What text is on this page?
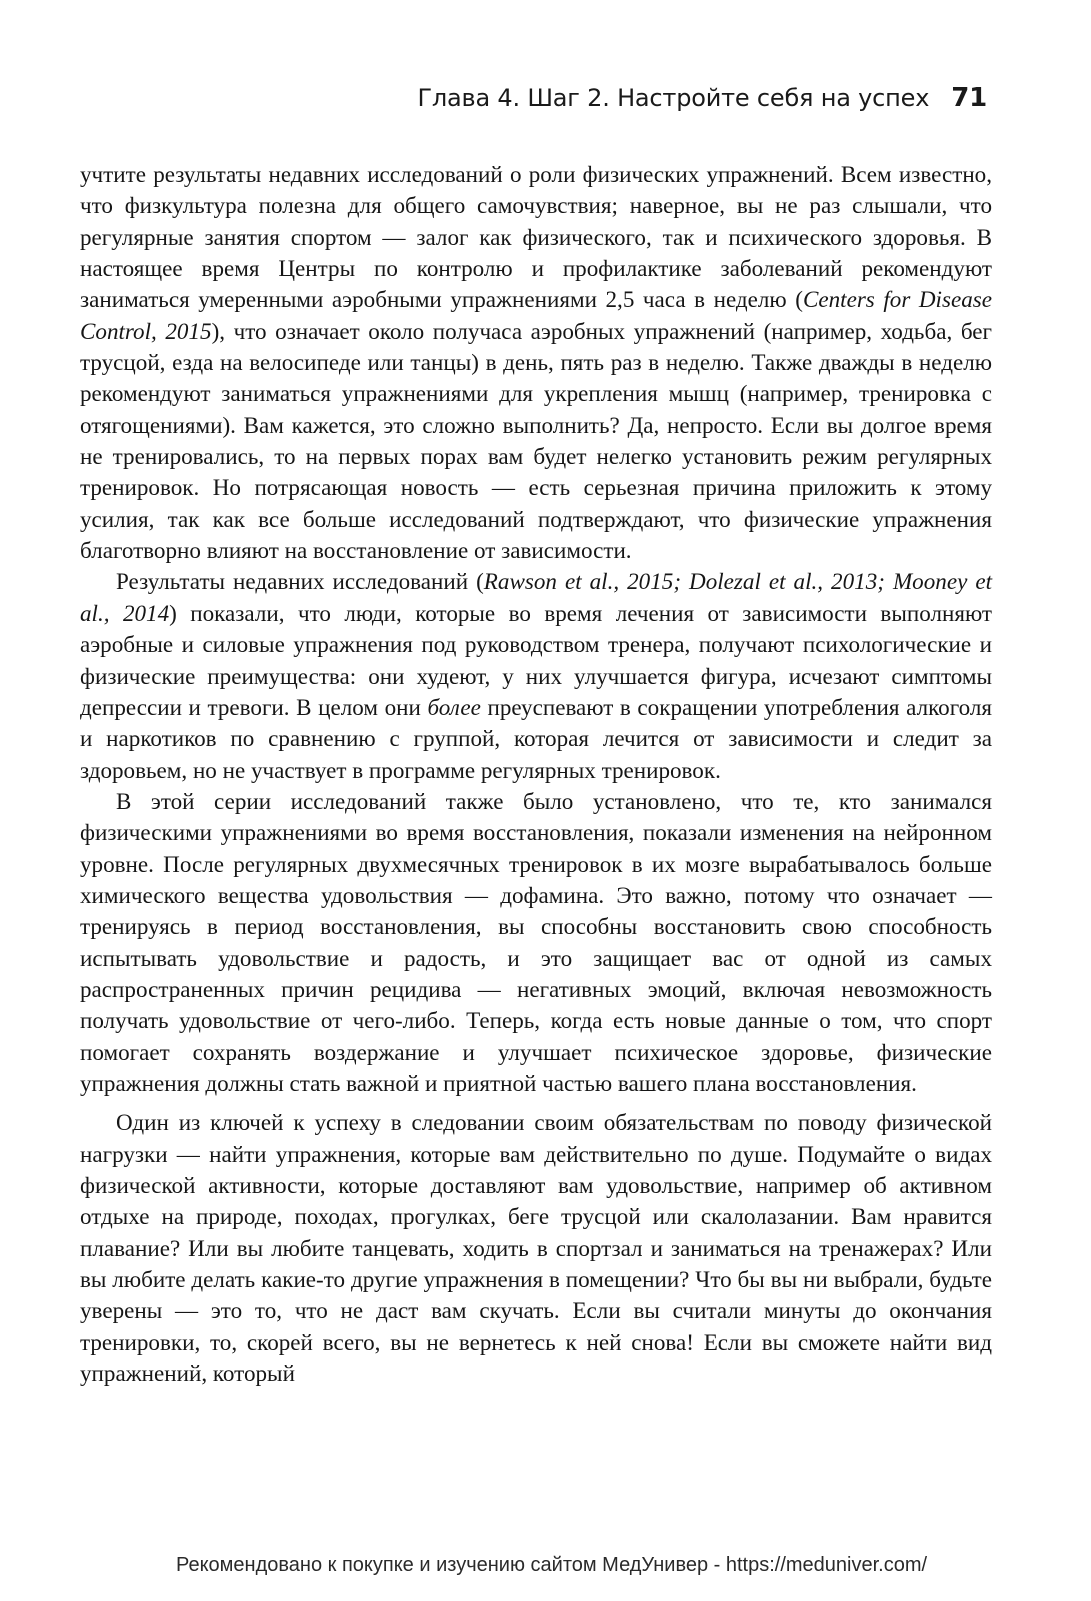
Глава 4. Шаг 2. Настройте себя на успех 71

учтите результаты недавних исследований о роли физических упражнений. Всем известно, что физкультура полезна для общего самочувствия; наверное, вы не раз слышали, что регулярные занятия спортом — залог как физического, так и психического здоровья. В настоящее время Центры по контролю и профилактике заболеваний рекомендуют заниматься умеренными аэробными упражнениями 2,5 часа в неделю (Centers for Disease Control, 2015), что означает около получаса аэробных упражнений (например, ходьба, бег трусцой, езда на велосипеде или танцы) в день, пять раз в неделю. Также дважды в неделю рекомендуют заниматься упражнениями для укрепления мышц (например, тренировка с отягощениями). Вам кажется, это сложно выполнить? Да, непросто. Если вы долгое время не тренировались, то на первых порах вам будет нелегко установить режим регулярных тренировок. Но потрясающая новость — есть серьезная причина приложить к этому усилия, так как все больше исследований подтверждают, что физические упражнения благотворно влияют на восстановление от зависимости.

Результаты недавних исследований (Rawson et al., 2015; Dolezal et al., 2013; Mooney et al., 2014) показали, что люди, которые во время лечения от зависимости выполняют аэробные и силовые упражнения под руководством тренера, получают психологические и физические преимущества: они худеют, у них улучшается фигура, исчезают симптомы депрессии и тревоги. В целом они более преуспевают в сокращении употребления алкоголя и наркотиков по сравнению с группой, которая лечится от зависимости и следит за здоровьем, но не участвует в программе регулярных тренировок.

В этой серии исследований также было установлено, что те, кто занимался физическими упражнениями во время восстановления, показали изменения на нейронном уровне. После регулярных двухмесячных тренировок в их мозге вырабатывалось больше химического вещества удовольствия — дофамина. Это важно, потому что означает — тренируясь в период восстановления, вы способны восстановить свою способность испытывать удовольствие и радость, и это защищает вас от одной из самых распространенных причин рецидива — негативных эмоций, включая невозможность получать удовольствие от чего-либо. Теперь, когда есть новые данные о том, что спорт помогает сохранять воздержание и улучшает психическое здоровье, физические упражнения должны стать важной и приятной частью вашего плана восстановления.

Один из ключей к успеху в следовании своим обязательствам по поводу физической нагрузки — найти упражнения, которые вам действительно по душе. Подумайте о видах физической активности, которые доставляют вам удовольствие, например об активном отдыхе на природе, походах, прогулках, беге трусцой или скалолазании. Вам нравится плавание? Или вы любите танцевать, ходить в спортзал и заниматься на тренажерах? Или вы любите делать какие-то другие упражнения в помещении? Что бы вы ни выбрали, будьте уверены — это то, что не даст вам скучать. Если вы считали минуты до окончания тренировки, то, скорей всего, вы не вернетесь к ней снова! Если вы сможете найти вид упражнений, который

Рекомендовано к покупке и изучению сайтом МедУнивер - https://meduniver.com/
